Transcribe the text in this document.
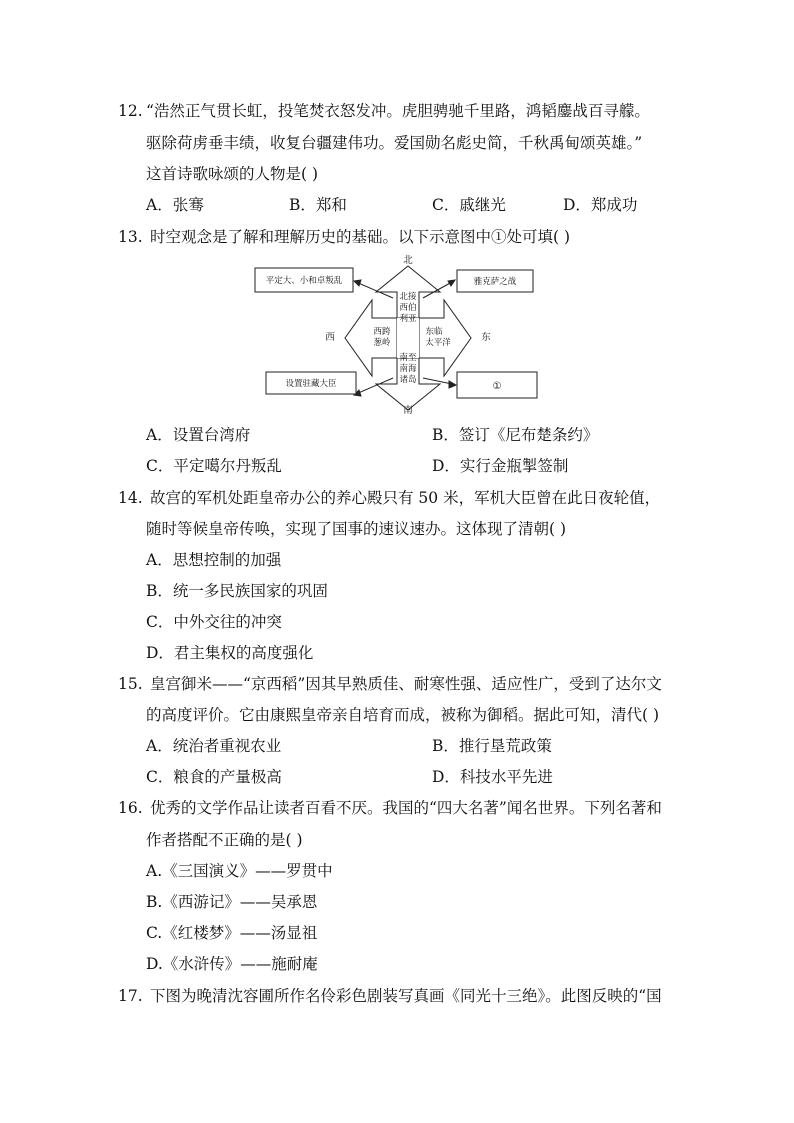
12. “浩然正气贯长虹，投笔焚衣怒发冲。虎胆骋驰千里路，鸿韬鏖战百寻艨。
驱除荷虏垂丰绩，收复台疆建伟功。爱国勋名彪史简，千秋禹甸颂英雄。”
这首诗歌咏颂的人物是( )
A．张骞	B．郑和	C．戚继光	D．郑成功
13. 时空观念是了解和理解历史的基础。以下示意图中①处可填( )
北
南
东
西
北接
西伯
利亚
西跨
葱岭
东临
太平洋
南至
南海
诸岛
平定大、小和卓叛乱	雅克萨之战
设置驻藏大臣	①
A．设置台湾府	B．签订《尼布楚条约》
C．平定噶尔丹叛乱	D．实行金瓶掣签制
14. 故宫的军机处距皇帝办公的养心殿只有 50 米，军机大臣曾在此日夜轮值，
随时等候皇帝传唤，实现了国事的速议速办。这体现了清朝( )
A．思想控制的加强
B．统一多民族国家的巩固
C．中外交往的冲突
D．君主集权的高度强化
15. 皇宫御米——“京西稻”因其早熟质佳、耐寒性强、适应性广，受到了达尔文
的高度评价。它由康熙皇帝亲自培育而成，被称为御稻。据此可知，清代( )
A．统治者重视农业	B．推行垦荒政策
C．粮食的产量极高	D．科技水平先进
16. 优秀的文学作品让读者百看不厌。我国的“四大名著”闻名世界。下列名著和
作者搭配不正确的是( )
A.《三国演义》——罗贯中
B.《西游记》——吴承恩
C.《红楼梦》——汤显祖
D.《水浒传》——施耐庵
17. 下图为晚清沈容圃所作名伶彩色剧装写真画《同光十三绝》。此图反映的“国
